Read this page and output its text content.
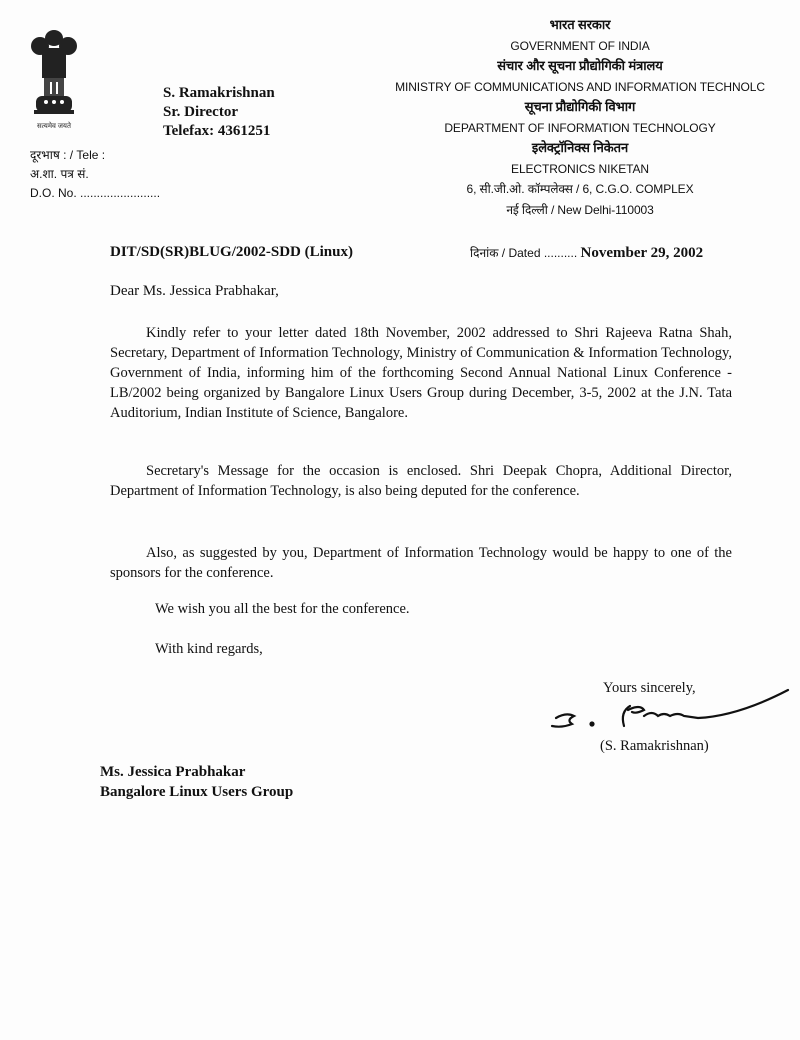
सत्यमेव जयते
S. Ramakrishnan
Sr. Director
Telefax: 4361251
दूरभाष : / Tele :
अ.शा. पत्र सं.
D.O. No. ........................
भारत सरकार
GOVERNMENT OF INDIA
संचार और सूचना प्रौद्योगिकी मंत्रालय
MINISTRY OF COMMUNICATIONS AND INFORMATION TECHNOLC
सूचना प्रौद्योगिकी विभाग
DEPARTMENT OF INFORMATION TECHNOLOGY
इलेक्ट्रॉनिक्स निकेतन
ELECTRONICS NIKETAN
6, सी.जी.ओ. कॉम्पलेक्स / 6, C.G.O. COMPLEX
नई दिल्ली / New Delhi-110003
DIT/SD(SR)BLUG/2002-SDD (Linux)	दिनांक / Dated .......... November 29, 2002
Dear Ms. Jessica Prabhakar,
Kindly refer to your letter dated 18th November, 2002 addressed to Shri Rajeeva Ratna Shah, Secretary, Department of Information Technology, Ministry of Communication & Information Technology, Government of India, informing him of the forthcoming Second Annual National Linux Conference - LB/2002 being organized by Bangalore Linux Users Group during December, 3-5, 2002 at the J.N. Tata Auditorium, Indian Institute of Science, Bangalore.
Secretary's Message for the occasion is enclosed. Shri Deepak Chopra, Additional Director, Department of Information Technology, is also being deputed for the conference.
Also, as suggested by you, Department of Information Technology would be happy to one of the sponsors for the conference.
We wish you all the best for the conference.
With kind regards,
Yours sincerely,
(S. Ramakrishnan)
Ms. Jessica Prabhakar
Bangalore Linux Users Group
